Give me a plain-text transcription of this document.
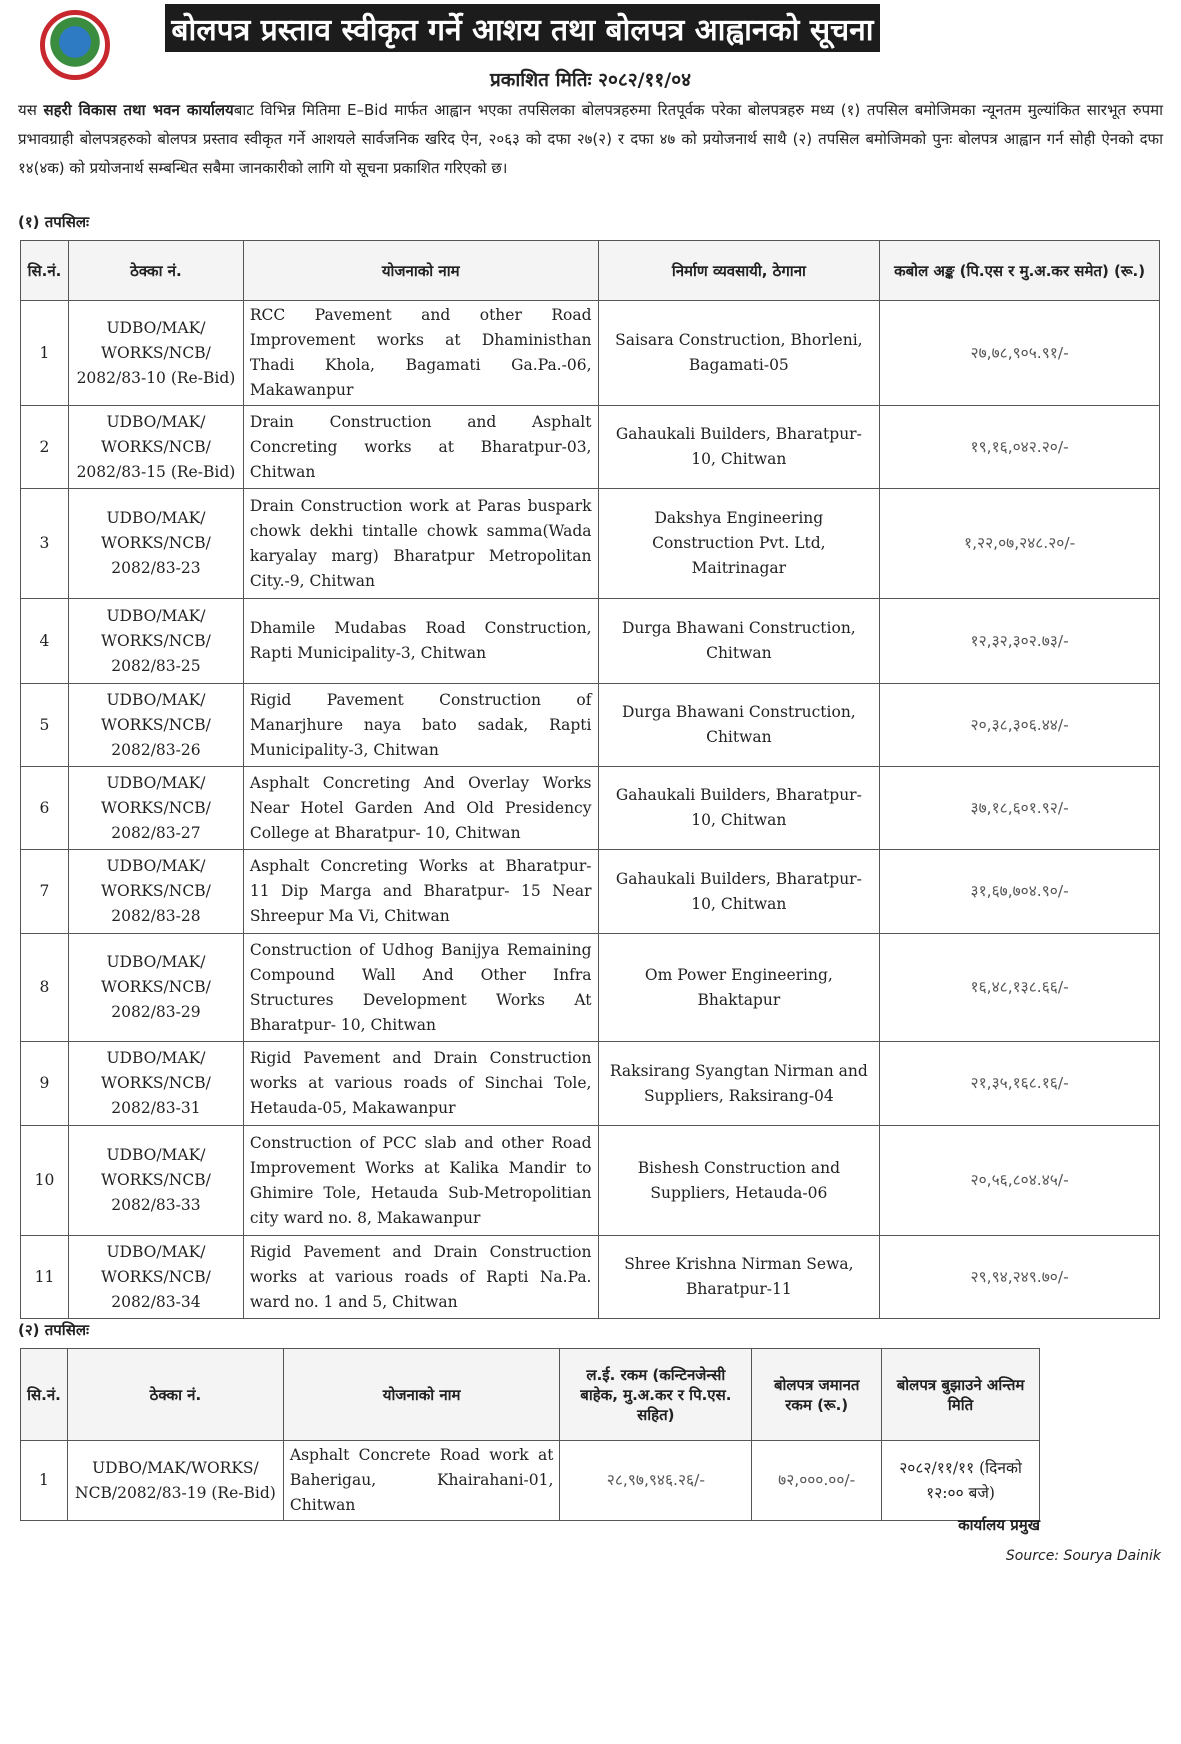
बोलपत्र प्रस्ताव स्वीकृत गर्ने आशय तथा बोलपत्र आह्वानको सूचना
प्रकाशित मितिः २०८२/११/०४
यस सहरी विकास तथा भवन कार्यालयबाट विभिन्न मितिमा E–Bid मार्फत आह्वान भएका तपसिलका बोलपत्रहरुमा रितपूर्वक परेका बोलपत्रहरु मध्य (१) तपसिल बमोजिमका न्यूनतम मुल्यांकित सारभूत रुपमा प्रभावग्राही बोलपत्रहरुको बोलपत्र प्रस्ताव स्वीकृत गर्ने आशयले सार्वजनिक खरिद ऐन, २०६३ को दफा २७(२) र दफा ४७ को प्रयोजनार्थ साथै (२) तपसिल बमोजिमको पुनः बोलपत्र आह्वान गर्न सोही ऐनको दफा १४(४क) को प्रयोजनार्थ सम्बन्धित सबैमा जानकारीको लागि यो सूचना प्रकाशित गरिएको छ।
(१) तपसिलः
सि.नं.	ठेक्का नं.	योजनाको नाम	निर्माण व्यवसायी, ठेगाना	कबोल अङ्क (पि.एस र मु.अ.कर समेत) (रू.)
1	UDBO/MAK/ WORKS/NCB/ 2082/83-10 (Re-Bid)	RCC Pavement and other Road Improvement works at Dhaministhan Thadi Khola, Bagamati Ga.Pa.-06, Makawanpur	Saisara Construction, Bhorleni, Bagamati-05	२७,७८,९०५.९१/-
2	UDBO/MAK/ WORKS/NCB/ 2082/83-15 (Re-Bid)	Drain Construction and Asphalt Concreting works at Bharatpur-03, Chitwan	Gahaukali Builders, Bharatpur-10, Chitwan	१९,१६,०४२.२०/-
3	UDBO/MAK/ WORKS/NCB/ 2082/83-23	Drain Construction work at Paras buspark chowk dekhi tintalle chowk samma(Wada karyalay marg) Bharatpur Metropolitan City.-9, Chitwan	Dakshya Engineering Construction Pvt. Ltd, Maitrinagar	१,२२,०७,२४८.२०/-
4	UDBO/MAK/ WORKS/NCB/ 2082/83-25	Dhamile Mudabas Road Construction, Rapti Municipality-3, Chitwan	Durga Bhawani Construction, Chitwan	१२,३२,३०२.७३/-
5	UDBO/MAK/ WORKS/NCB/ 2082/83-26	Rigid Pavement Construction of Manarjhure naya bato sadak, Rapti Municipality-3, Chitwan	Durga Bhawani Construction, Chitwan	२०,३८,३०६.४४/-
6	UDBO/MAK/ WORKS/NCB/ 2082/83-27	Asphalt Concreting And Overlay Works Near Hotel Garden And Old Presidency College at Bharatpur- 10, Chitwan	Gahaukali Builders, Bharatpur-10, Chitwan	३७,१८,६०१.९२/-
7	UDBO/MAK/ WORKS/NCB/ 2082/83-28	Asphalt Concreting Works at Bharatpur- 11 Dip Marga and Bharatpur- 15 Near Shreepur Ma Vi, Chitwan	Gahaukali Builders, Bharatpur-10, Chitwan	३१,६७,७०४.९०/-
8	UDBO/MAK/ WORKS/NCB/ 2082/83-29	Construction of Udhog Banijya Remaining Compound Wall And Other Infra Structures Development Works At Bharatpur- 10, Chitwan	Om Power Engineering, Bhaktapur	१६,४८,१३८.६६/-
9	UDBO/MAK/ WORKS/NCB/ 2082/83-31	Rigid Pavement and Drain Construction works at various roads of Sinchai Tole, Hetauda-05, Makawanpur	Raksirang Syangtan Nirman and Suppliers, Raksirang-04	२१,३५,१६८.१६/-
10	UDBO/MAK/ WORKS/NCB/ 2082/83-33	Construction of PCC slab and other Road Improvement Works at Kalika Mandir to Ghimire Tole, Hetauda Sub-Metropolitian city ward no. 8, Makawanpur	Bishesh Construction and Suppliers, Hetauda-06	२०,५६,८०४.४५/-
11	UDBO/MAK/ WORKS/NCB/ 2082/83-34	Rigid Pavement and Drain Construction works at various roads of Rapti Na.Pa. ward no. 1 and 5, Chitwan	Shree Krishna Nirman Sewa, Bharatpur-11	२९,९४,२४९.७०/-
(२) तपसिलः
सि.नं.	ठेक्का नं.	योजनाको नाम	ल.ई. रकम (कन्टिनजेन्सी बाहेक, मु.अ.कर र पि.एस. सहित)	बोलपत्र जमानत रकम (रू.)	बोलपत्र बुझाउने अन्तिम मिति
1	UDBO/MAK/WORKS/ NCB/2082/83-19 (Re-Bid)	Asphalt Concrete Road work at Baherigau, Khairahani-01, Chitwan	२८,९७,९४६.२६/-	७२,०००.००/-	२०८२/११/११ (दिनको १२:०० बजे)
कार्यालय प्रमुख
Source: Sourya Dainik
